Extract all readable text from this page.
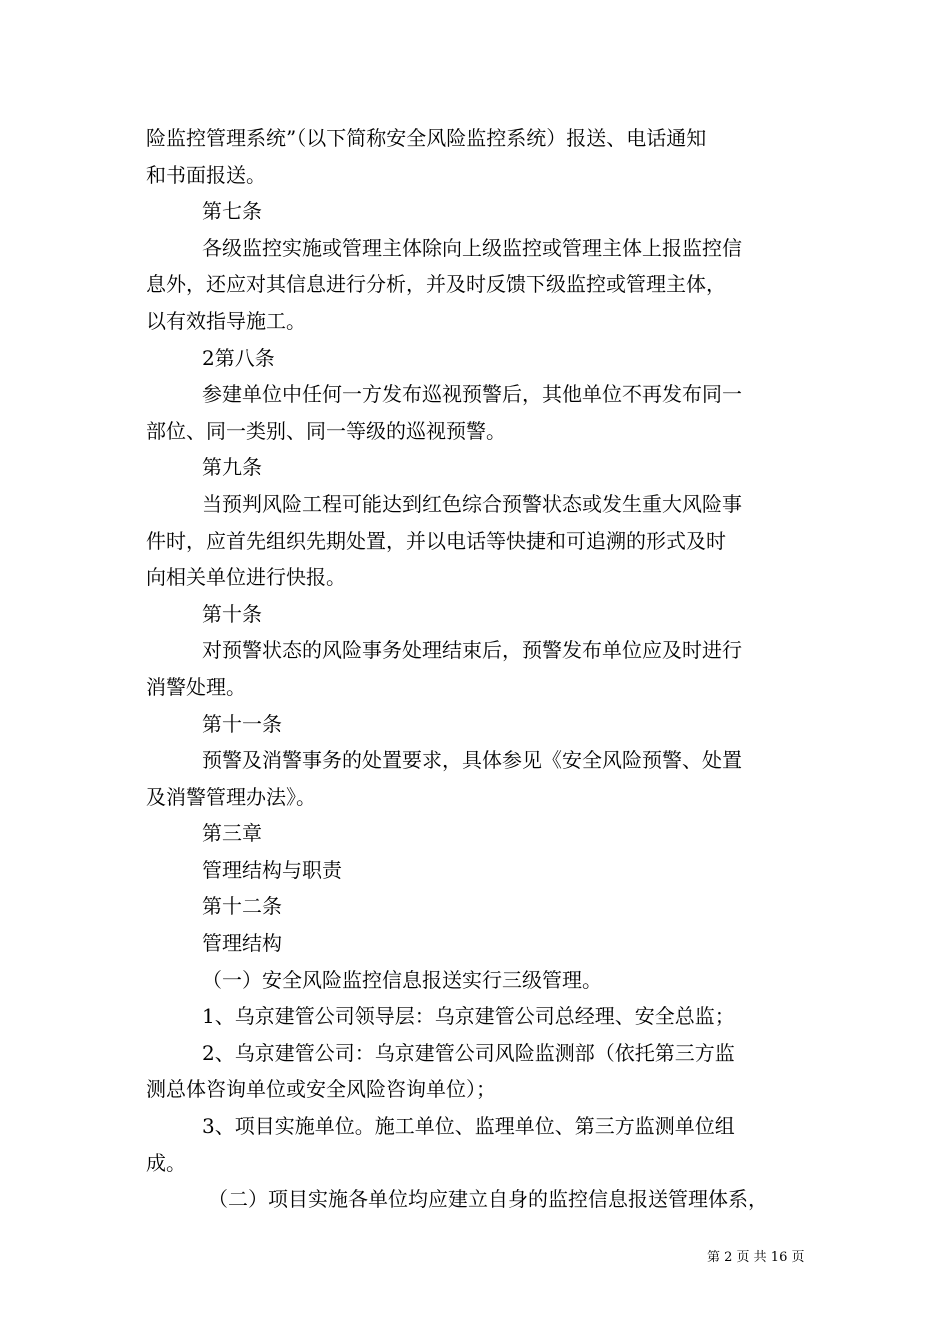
险监控管理系统”（以下简称安全风险监控系统）报送、电话通知
和书面报送。
第七条
各级监控实施或管理主体除向上级监控或管理主体上报监控信
息外，还应对其信息进行分析，并及时反馈下级监控或管理主体，
以有效指导施工。
2第八条
参建单位中任何一方发布巡视预警后，其他单位不再发布同一
部位、同一类别、同一等级的巡视预警。
第九条
当预判风险工程可能达到红色综合预警状态或发生重大风险事
件时，应首先组织先期处置，并以电话等快捷和可追溯的形式及时
向相关单位进行快报。
第十条
对预警状态的风险事务处理结束后，预警发布单位应及时进行
消警处理。
第十一条
预警及消警事务的处置要求，具体参见《安全风险预警、处置
及消警管理办法》。
第三章
管理结构与职责
第十二条
管理结构
（一）安全风险监控信息报送实行三级管理。
1、乌京建管公司领导层：乌京建管公司总经理、安全总监；
2、乌京建管公司：乌京建管公司风险监测部（依托第三方监
测总体咨询单位或安全风险咨询单位）；
3、项目实施单位。施工单位、监理单位、第三方监测单位组
成。
（二）项目实施各单位均应建立自身的监控信息报送管理体系，
第 2 页 共 16 页
